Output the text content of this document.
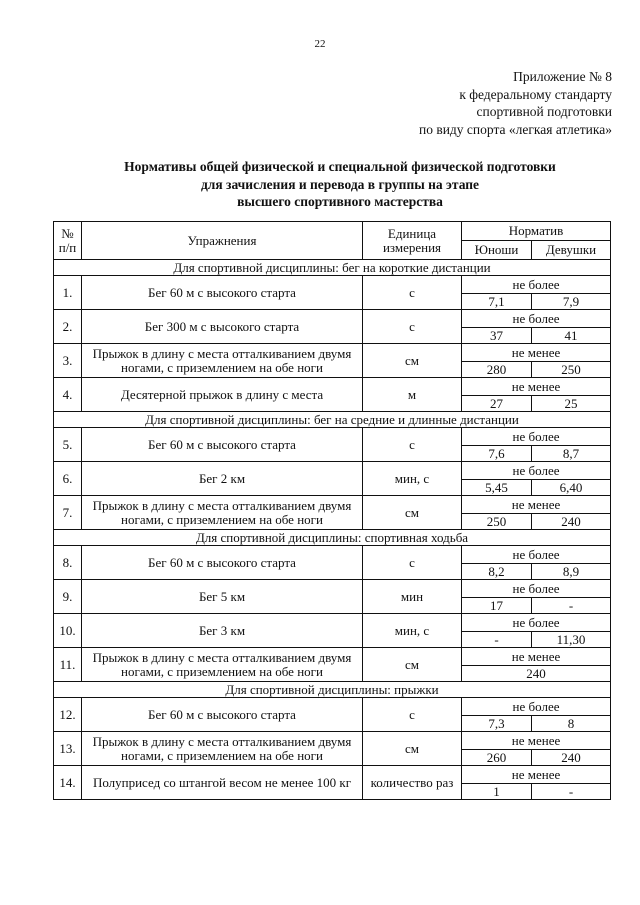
22
Приложение № 8
к федеральному стандарту
спортивной подготовки
по виду спорта «легкая атлетика»
Нормативы общей физической и специальной физической подготовки
для зачисления и перевода в группы на этапе
высшего спортивного мастерства
№ п/п	Упражнения	Единица измерения	Норматив	
			Юноши	Девушки
Для спортивной дисциплины: бег на короткие дистанции				
1.	Бег 60 м с высокого старта	с	не более	
			7,1	7,9
2.	Бег 300 м с высокого старта	с	не более	
			37	41
3.	Прыжок в длину с места отталкиванием двумя ногами, с приземлением на обе ноги	см	не менее	
			280	250
4.	Десятерной прыжок в длину с места	м	не менее	
			27	25
Для спортивной дисциплины: бег на средние и длинные дистанции				
5.	Бег 60 м с высокого старта	с	не более	
			7,6	8,7
6.	Бег 2 км	мин, с	не более	
			5,45	6,40
7.	Прыжок в длину с места отталкиванием двумя ногами, с приземлением на обе ноги	см	не менее	
			250	240
Для спортивной дисциплины: спортивная ходьба				
8.	Бег 60 м с высокого старта	с	не более	
			8,2	8,9
9.	Бег 5 км	мин	не более	
			17	-
10.	Бег 3 км	мин, с	не более	
			-	11,30
11.	Прыжок в длину с места отталкиванием двумя ногами, с приземлением на обе ноги	см	не менее	
			240	
Для спортивной дисциплины: прыжки				
12.	Бег 60 м с высокого старта	с	не более	
			7,3	8
13.	Прыжок в длину с места отталкиванием двумя ногами, с приземлением на обе ноги	см	не менее	
			260	240
14.	Полуприсед со штангой весом не менее 100 кг	количество раз	не менее	
			1	-
